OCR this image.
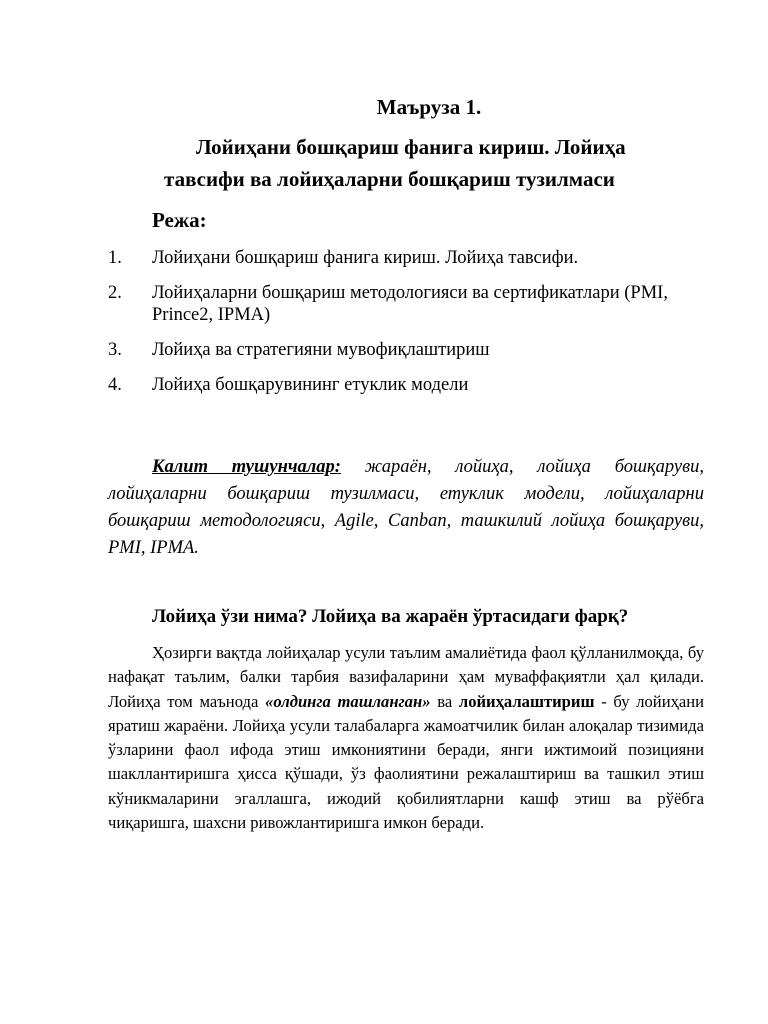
Маъруза 1.
Лойиҳани бошқариш фанига кириш. Лойиҳа
тавсифи ва лойиҳаларни бошқариш тузилмаси
Режа:
1.	Лойиҳани бошқариш фанига кириш. Лойиҳа тавсифи.
2.	Лойиҳаларни бошқариш методологияси ва сертификатлари (PMI, Prince2, IPMA)
3.	Лойиҳа ва стратегияни мувофиқлаштириш
4.	Лойиҳа бошқарувининг етуклик модели
Калит тушунчалар: жараён, лойиҳа, лойиҳа бошқаруви, лойиҳаларни бошқариш тузилмаси, етуклик модели, лойиҳаларни бошқариш методологияси, Agile, Canban, ташкилий лойиҳа бошқаруви, PMI, IPMA.
Лойиҳа ўзи нима? Лойиҳа ва жараён ўртасидаги фарқ?
Ҳозирги вақтда лойиҳалар усули таълим амалиётида фаол қўлланилмоқда, бу нафақат таълим, балки тарбия вазифаларини ҳам муваффақиятли ҳал қилади. Лойиҳа том маънода «олдинга ташланган» ва лойиҳалаштириш - бу лойиҳани яратиш жараёни. Лойиҳа усули талабаларга жамоатчилик билан алоқалар тизимида ўзларини фаол ифода этиш имкониятини беради, янги ижтимоий позицияни шакллантиришга ҳисса қўшади, ўз фаолиятини режалаштириш ва ташкил этиш кўникмаларини эгаллашга, ижодий қобилиятларни кашф этиш ва рўёбга чиқаришга, шахсни ривожлантиришга имкон беради.
